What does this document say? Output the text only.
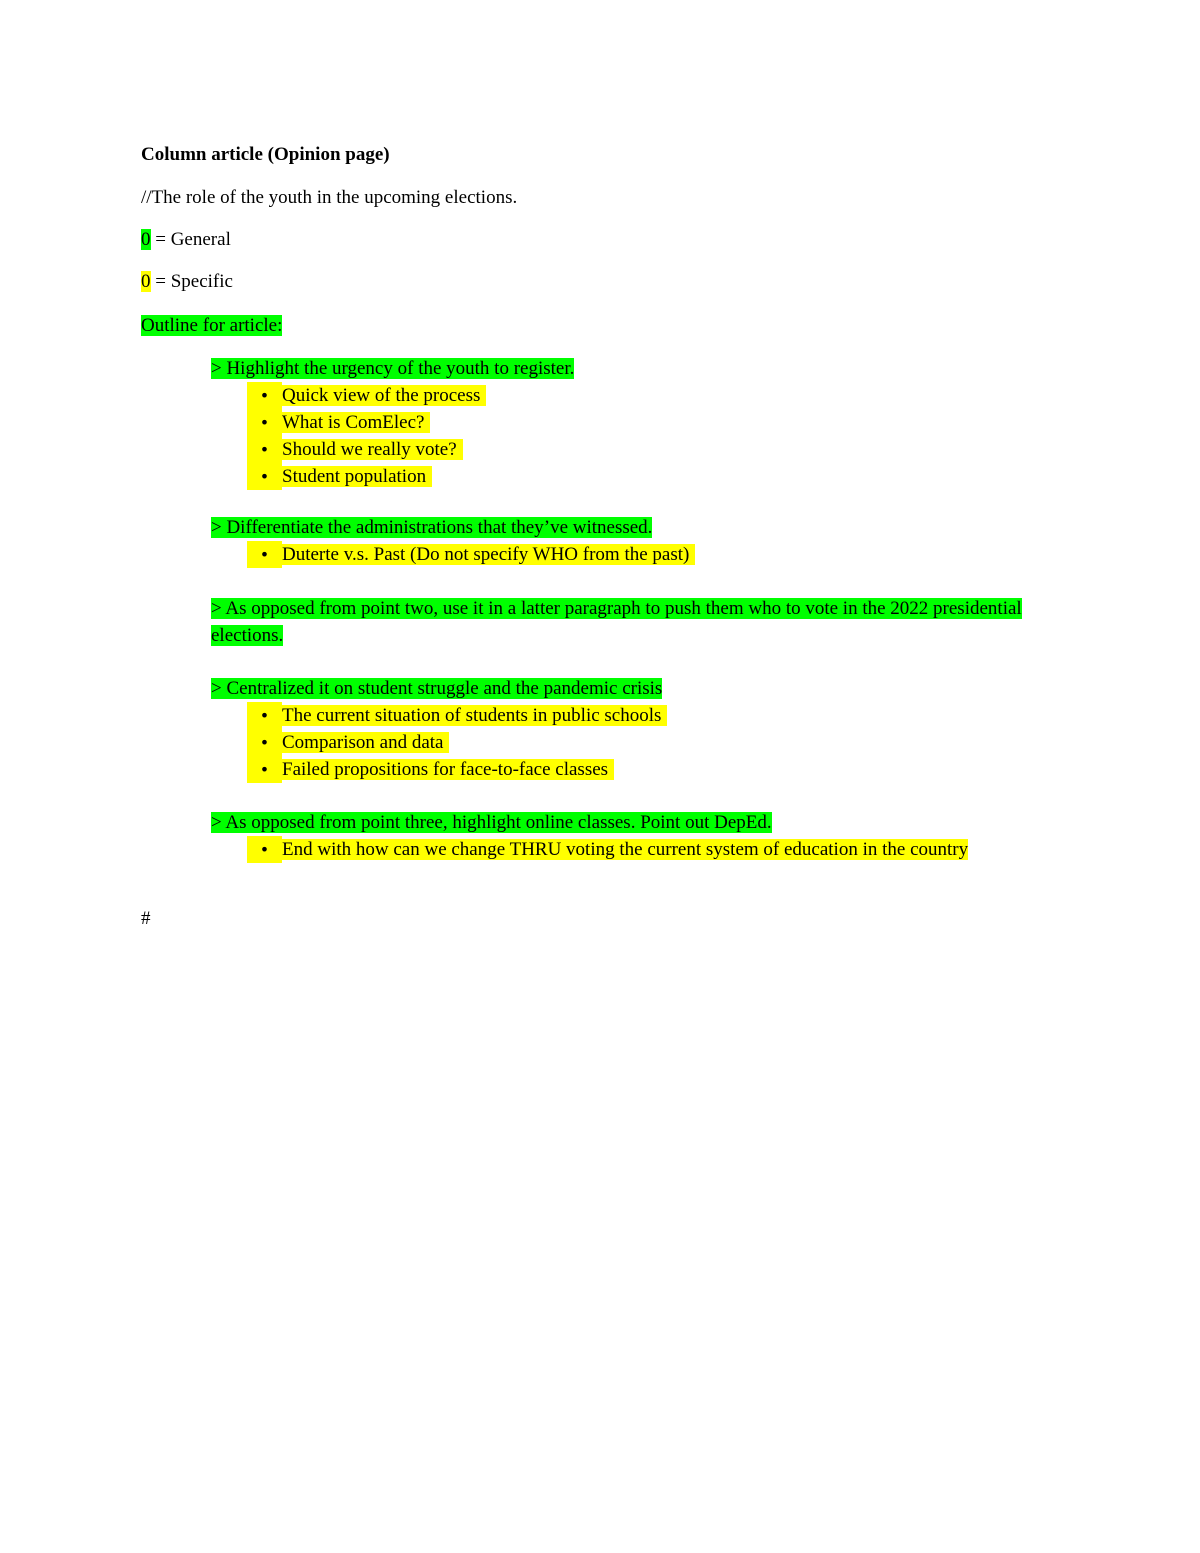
Column article (Opinion page)
//The role of the youth in the upcoming elections.
0 = General
0 = Specific
Outline for article:
> Highlight the urgency of the youth to register.
• Quick view of the process
• What is ComElec?
• Should we really vote?
• Student population
> Differentiate the administrations that they’ve witnessed.
• Duterte v.s. Past (Do not specify WHO from the past)
> As opposed from point two, use it in a latter paragraph to push them who to vote in the 2022 presidential elections.
> Centralized it on student struggle and the pandemic crisis
• The current situation of students in public schools
• Comparison and data
• Failed propositions for face-to-face classes
> As opposed from point three, highlight online classes. Point out DepEd.
• End with how can we change THRU voting the current system of education in the country
#
